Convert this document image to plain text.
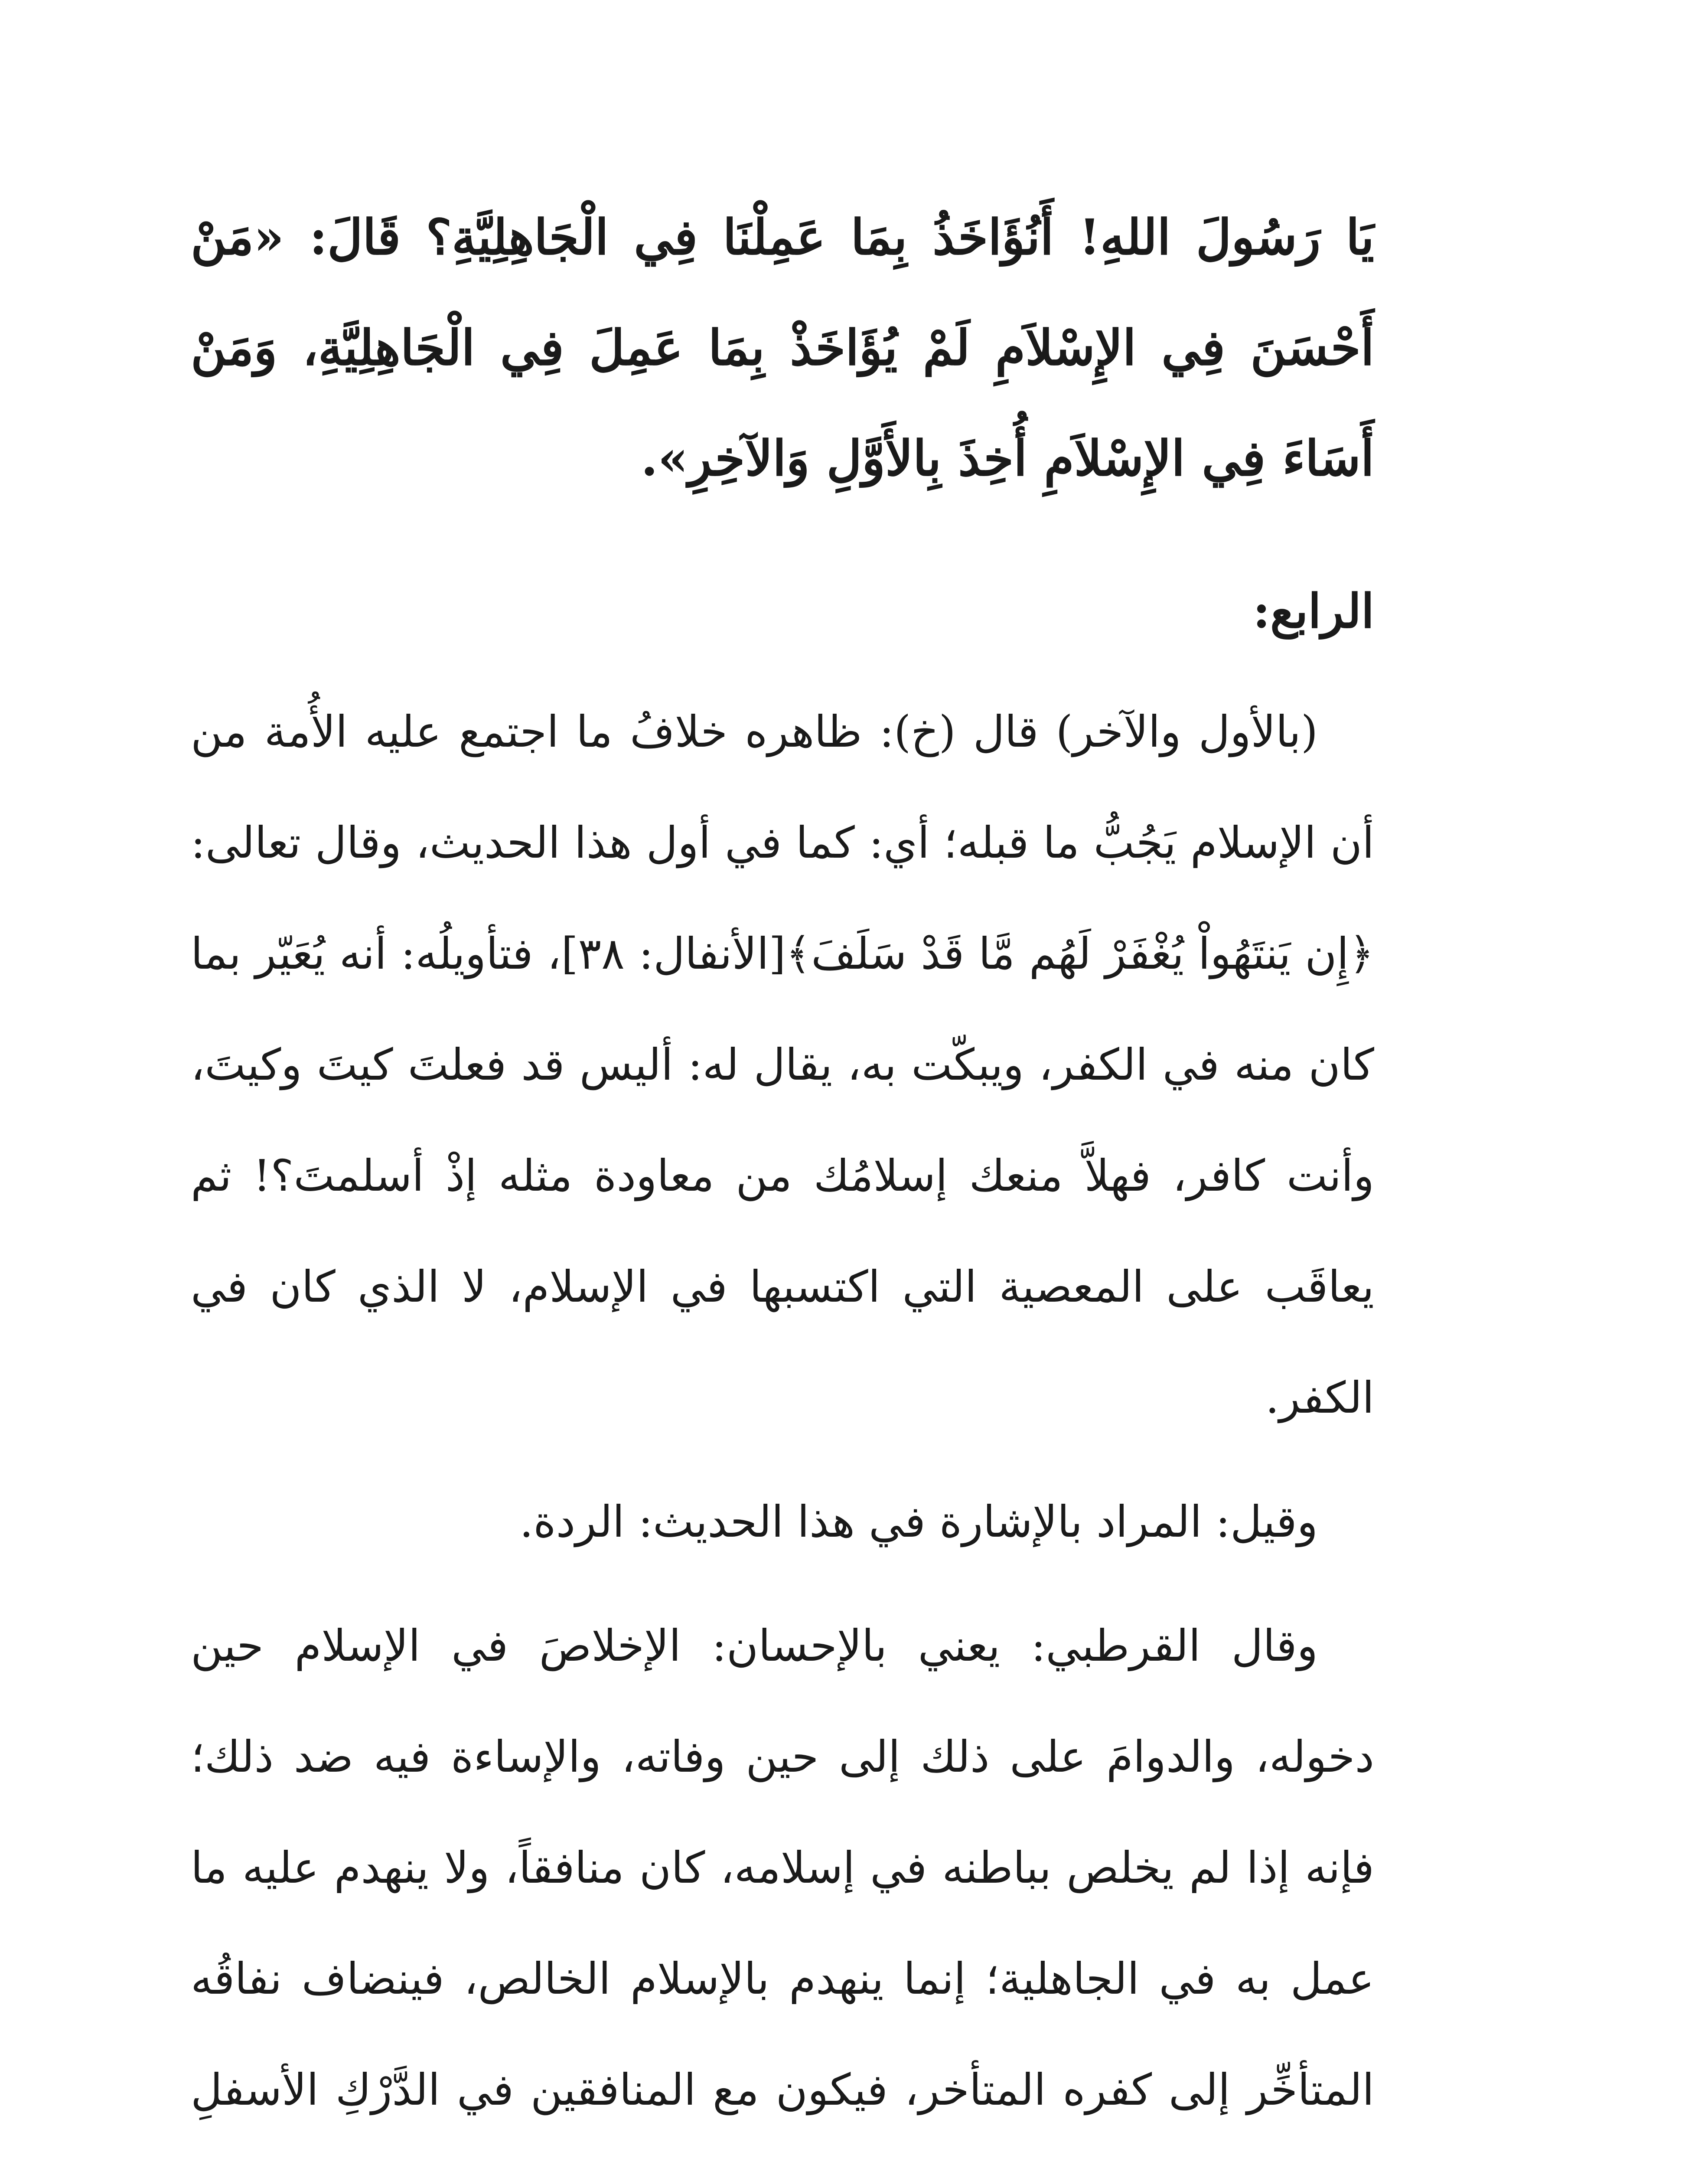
يَا رَسُولَ اللهِ! أَنُؤَاخَذُ بِمَا عَمِلْنَا فِي الْجَاهِلِيَّةِ؟ قَالَ: «مَنْ أَحْسَنَ فِي الإِسْلاَمِ لَمْ يُؤَاخَذْ بِمَا عَمِلَ فِي الْجَاهِلِيَّةِ، وَمَنْ أَسَاءَ فِي الإِسْلاَمِ أُخِذَ بِالأَوَّلِ وَالآخِرِ».
الرابع:

(بالأول والآخر) قال (خ): ظاهره خلافُ ما اجتمع عليه الأُمة من أن الإسلام يَجُبُّ ما قبله؛ أي: كما في أول هذا الحديث، وقال تعالى: ﴿إِن يَنتَهُواْ يُغْفَرْ لَهُم مَّا قَدْ سَلَفَ﴾[الأنفال: ٣٨]، فتأويلُه: أنه يُعَيّر بما كان منه في الكفر، ويبكّت به، يقال له: أليس قد فعلتَ كيتَ وكيتَ، وأنت كافر، فهلاَّ منعك إسلامُك من معاودة مثله إذْ أسلمتَ؟! ثم يعاقَب على المعصية التي اكتسبها في الإسلام، لا الذي كان في الكفر.

وقيل: المراد بالإشارة في هذا الحديث: الردة.

وقال القرطبي: يعني بالإحسان: الإخلاصَ في الإسلام حين دخوله، والدوامَ على ذلك إلى حين وفاته، والإساءة فيه ضد ذلك؛ فإنه إذا لم يخلص بباطنه في إسلامه، كان منافقاً، ولا ينهدم عليه ما عمل به في الجاهلية؛ إنما ينهدم بالإسلام الخالص، فينضاف نفاقُه المتأخِّر إلى كفره المتأخر، فيكون مع المنافقين في الدَّرْكِ الأسفلِ
